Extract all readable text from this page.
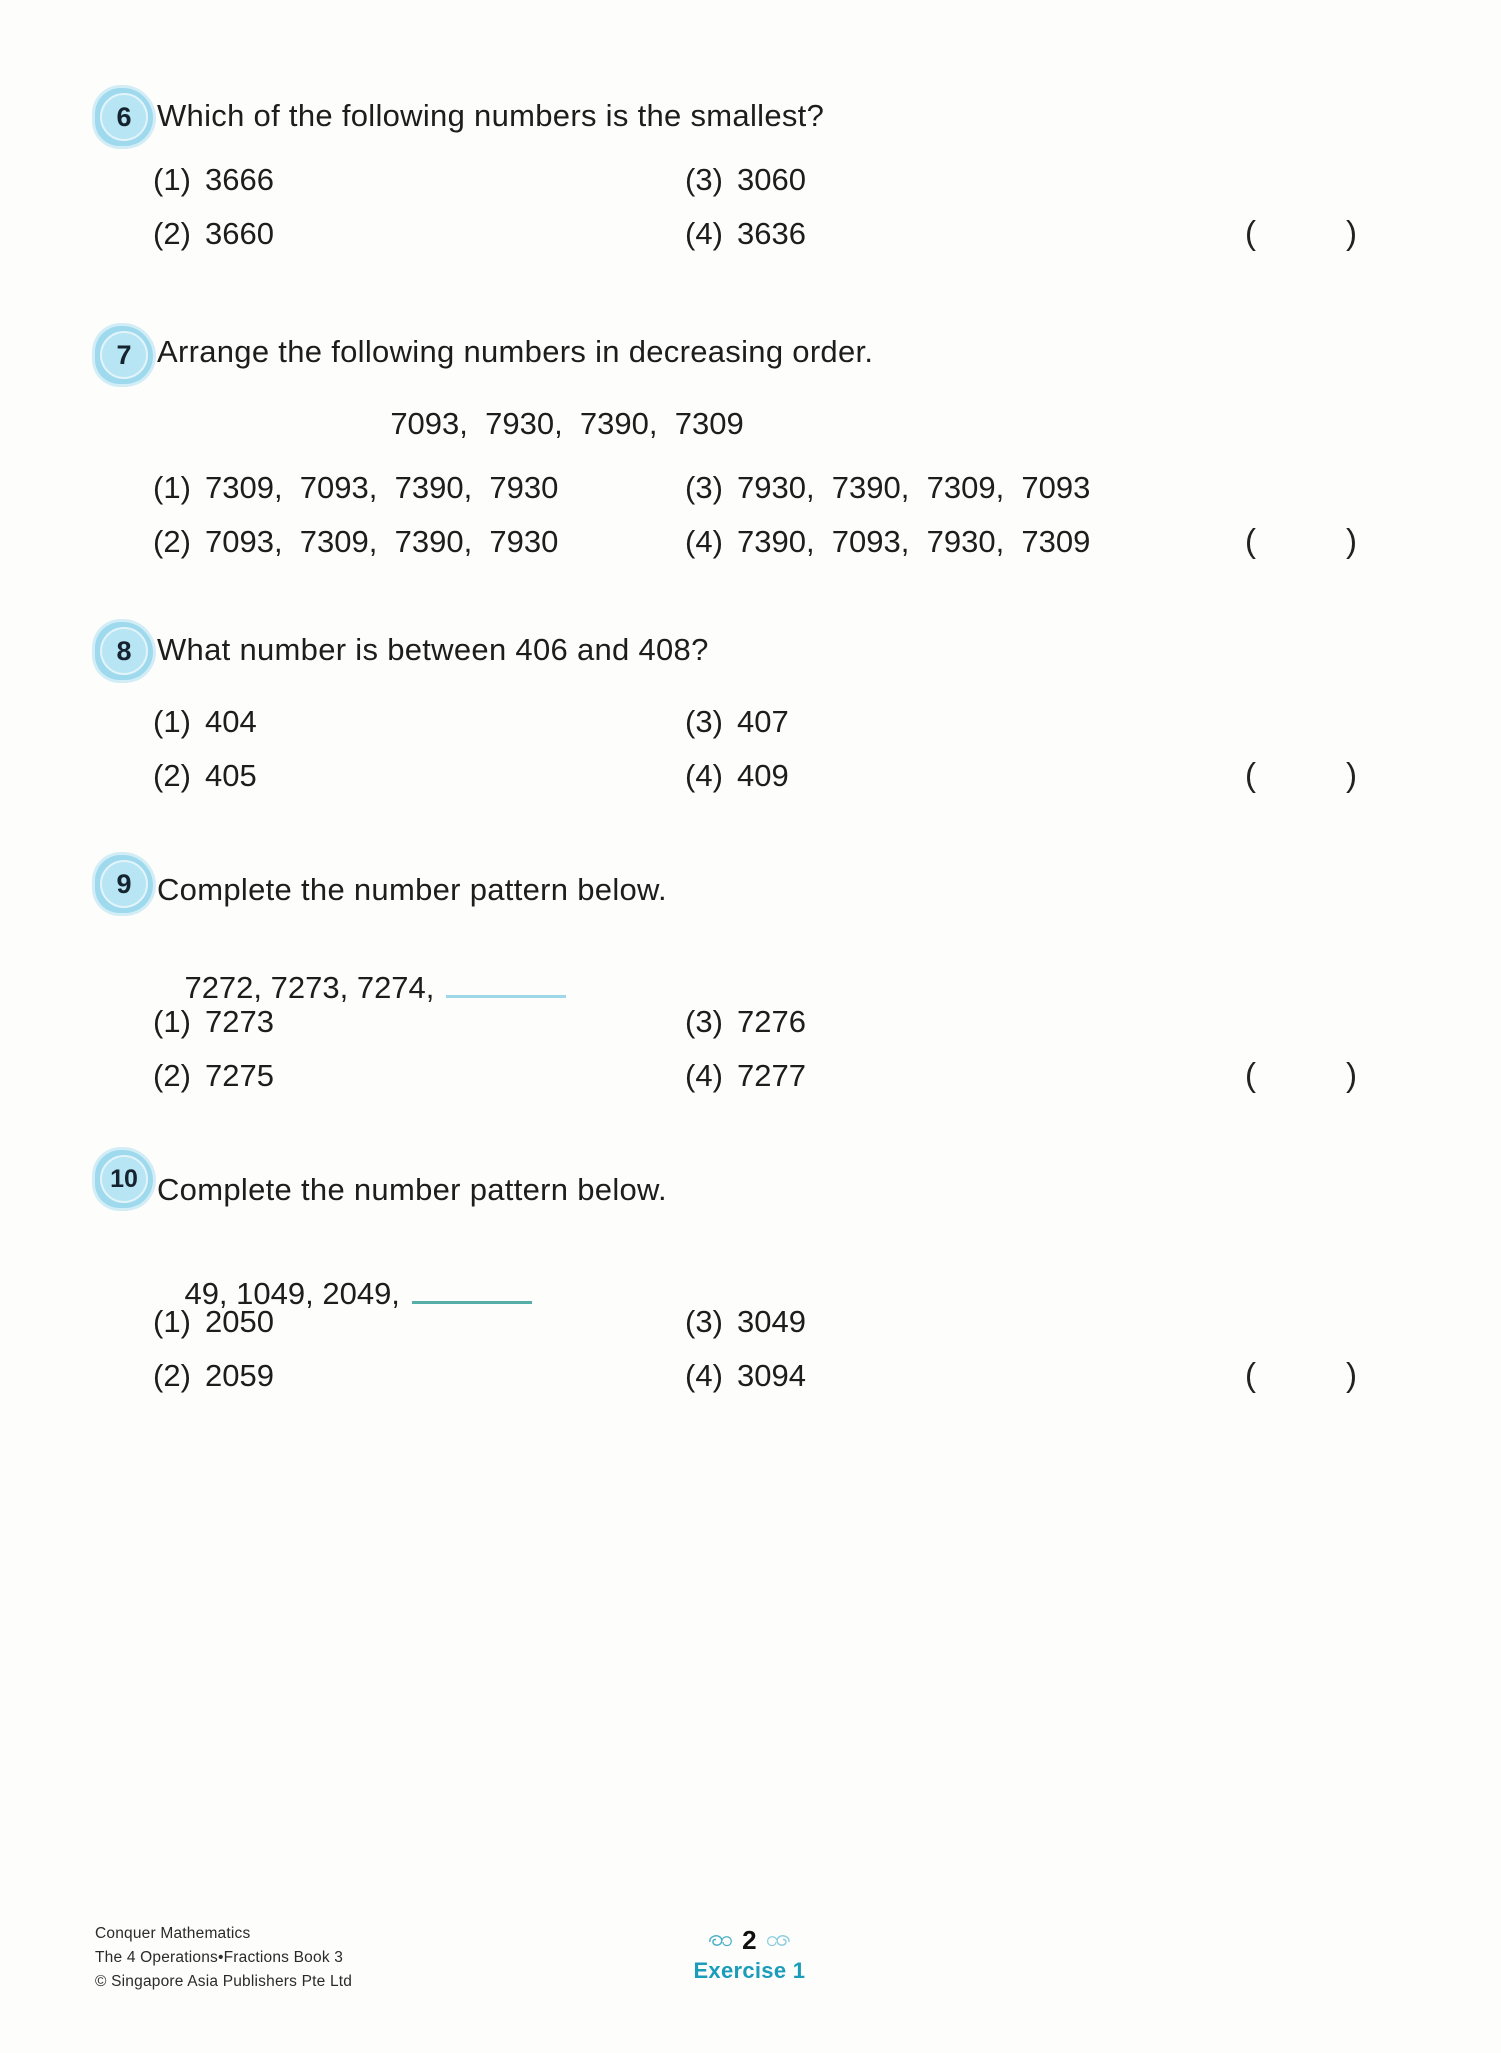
6 Which of the following numbers is the smallest?
(1) 3666	(3) 3060
(2) 3660	(4) 3636	(	)
7 Arrange the following numbers in decreasing order.
7093,  7930,  7390,  7309
(1) 7309,  7093,  7390,  7930	(3) 7930,  7390,  7309,  7093
(2) 7093,  7309,  7390,  7930	(4) 7390,  7093,  7930,  7309	(	)
8 What number is between 406 and 408?
(1) 404	(3) 407
(2) 405	(4) 409	(	)
9 Complete the number pattern below.

7272, 7273, 7274,

(1) 7273	(3) 7276
(2) 7275	(4) 7277	(	)
10 Complete the number pattern below.

49, 1049, 2049,

(1) 2050	(3) 3049
(2) 2059	(4) 3094	(	)
Conquer Mathematics
The 4 Operations•Fractions Book 3
© Singapore Asia Publishers Pte Ltd
2
Exercise 1
